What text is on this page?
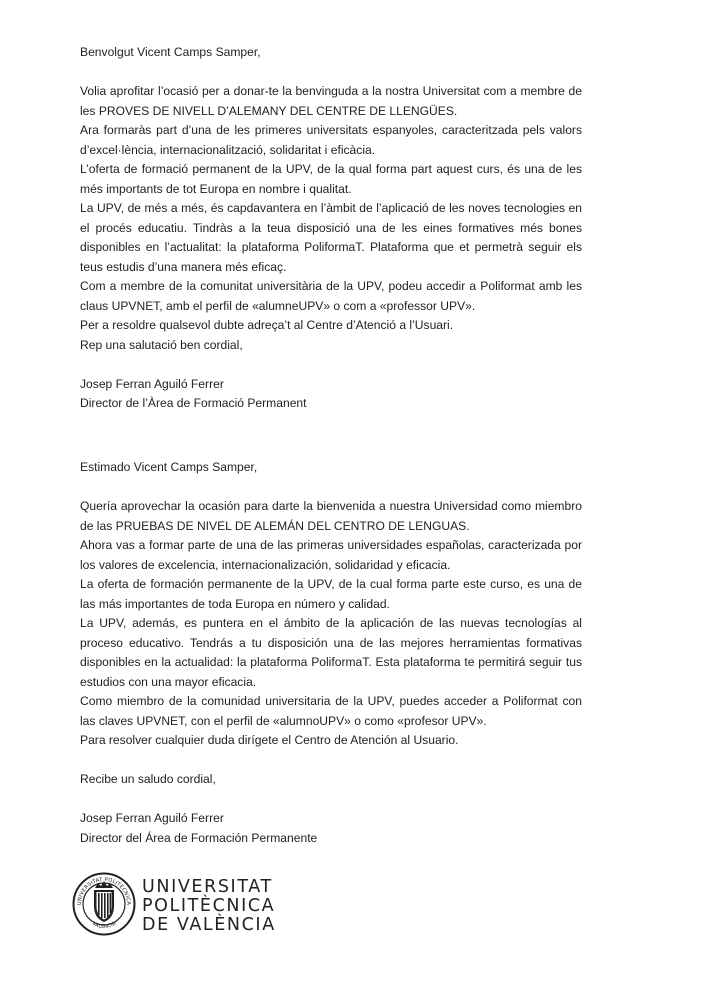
Benvolgut Vicent Camps Samper,

Volia aprofitar l’ocasió per a donar-te la benvinguda a la nostra Universitat com a membre de les PROVES DE NIVELL D’ALEMANY DEL CENTRE DE LLENGÜES.

Ara formaràs part d’una de les primeres universitats espanyoles, caracteritzada pels valors d’excel·lència, internacionalització, solidaritat i eficàcia.

L’oferta de formació permanent de la UPV, de la qual forma part aquest curs, és una de les més importants de tot Europa en nombre i qualitat.

La UPV, de més a més, és capdavantera en l’àmbit de l’aplicació de les noves tecnologies en el procés educatiu. Tindràs a la teua disposició una de les eines formatives més bones disponibles en l’actualitat: la plataforma PoliformaT. Plataforma que et permetrà seguir els teus estudis d’una manera més eficaç.

Com a membre de la comunitat universitària de la UPV, podeu accedir a Poliformat amb les claus UPVNET, amb el perfil de «alumneUPV» o com a «professor UPV».

Per a resoldre qualsevol dubte adreça’t al Centre d’Atenció a l’Usuari.

Rep una salutació ben cordial,

Josep Ferran Aguiló Ferrer

Director de l’Àrea de Formació Permanent

Estimado Vicent Camps Samper,

Quería aprovechar la ocasión para darte la bienvenida a nuestra Universidad como miembro de las PRUEBAS DE NIVEL DE ALEMÁN DEL CENTRO DE LENGUAS.

Ahora vas a formar parte de una de las primeras universidades españolas, caracterizada por los valores de excelencia, internacionalización, solidaridad y eficacia.

La oferta de formación permanente de la UPV, de la cual forma parte este curso, es una de las más importantes de toda Europa en número y calidad.

La UPV, además, es puntera en el ámbito de la aplicación de las nuevas tecnologías al proceso educativo. Tendrás a tu disposición una de las mejores herramientas formativas disponibles en la actualidad: la plataforma PoliformaT. Esta plataforma te permitirá seguir tus estudios con una mayor eficacia.

Como miembro de la comunidad universitaria de la UPV, puedes acceder a Poliformat con las claves UPVNET, con el perfil de «alumnoUPV» o como «profesor UPV».

Para resolver cualquier duda dirígete el Centro de Atención al Usuario.

Recibe un saludo cordial,

Josep Ferran Aguiló Ferrer

Director del Área de Formación Permanente

UNIVERSITAT POLITÈCNICA
VALÈNCIA
UNIVERSITAT
POLITÈCNICA
DE VALÈNCIA
